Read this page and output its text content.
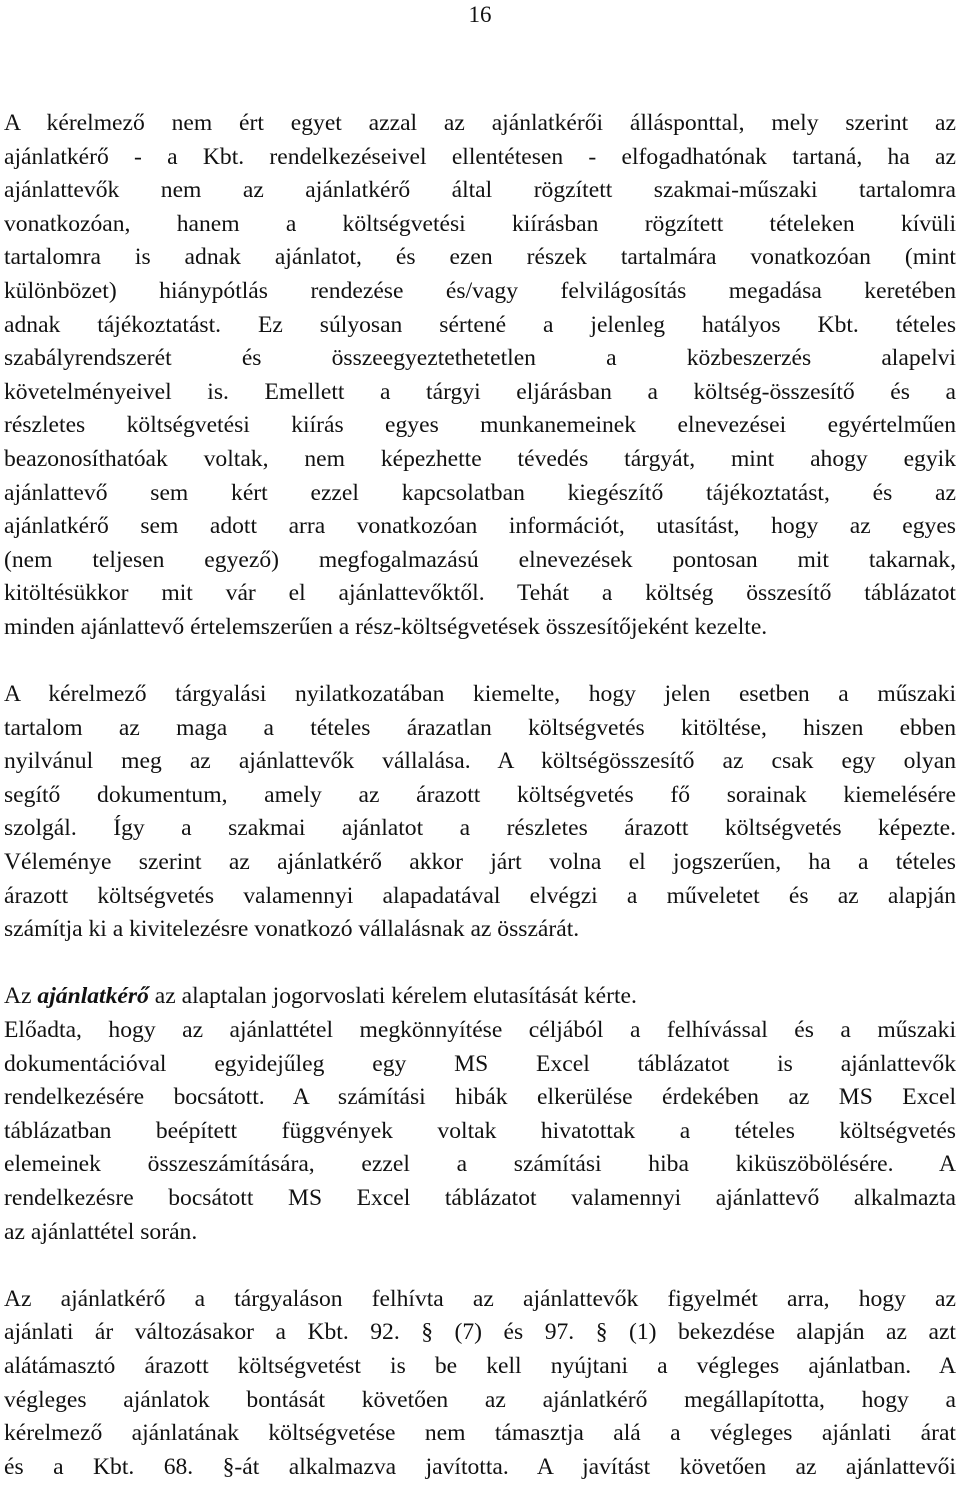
16
A kérelmező nem ért egyet azzal az ajánlatkérői állásponttal, mely szerint az
ajánlatkérő - a Kbt. rendelkezéseivel ellentétesen - elfogadhatónak tartaná, ha az
ajánlattevők nem az ajánlatkérő által rögzített szakmai-műszaki tartalomra
vonatkozóan, hanem a költségvetési kiírásban rögzített tételeken kívüli
tartalomra is adnak ajánlatot, és ezen részek tartalmára vonatkozóan (mint
különbözet) hiánypótlás rendezése és/vagy felvilágosítás megadása keretében
adnak tájékoztatást. Ez súlyosan sértené a jelenleg hatályos Kbt. tételes
szabályrendszerét és összeegyeztethetetlen a közbeszerzés alapelvi
követelményeivel is. Emellett a tárgyi eljárásban a költség-összesítő és a
részletes költségvetési kiírás egyes munkanemeinek elnevezései egyértelműen
beazonosíthatóak voltak, nem képezhette tévedés tárgyát, mint ahogy egyik
ajánlattevő sem kért ezzel kapcsolatban kiegészítő tájékoztatást, és az
ajánlatkérő sem adott arra vonatkozóan információt, utasítást, hogy az egyes
(nem teljesen egyező) megfogalmazású elnevezések pontosan mit takarnak,
kitöltésükkor mit vár el ajánlattevőktől. Tehát a költség összesítő táblázatot
minden ajánlattevő értelemszerűen a rész-költségvetések összesítőjeként kezelte.
A kérelmező tárgyalási nyilatkozatában kiemelte, hogy jelen esetben a műszaki
tartalom az maga a tételes árazatlan költségvetés kitöltése, hiszen ebben
nyilvánul meg az ajánlattevők vállalása. A költségösszesítő az csak egy olyan
segítő dokumentum, amely az árazott költségvetés fő sorainak kiemelésére
szolgál. Így a szakmai ajánlatot a részletes árazott költségvetés képezte.
Véleménye szerint az ajánlatkérő akkor járt volna el jogszerűen, ha a tételes
árazott költségvetés valamennyi alapadatával elvégzi a műveletet és az alapján
számítja ki a kivitelezésre vonatkozó vállalásnak az összárát.
Az ajánlatkérő az alaptalan jogorvoslati kérelem elutasítását kérte.
Előadta, hogy az ajánlattétel megkönnyítése céljából a felhívással és a műszaki
dokumentációval egyidejűleg egy MS Excel táblázatot is ajánlattevők
rendelkezésére bocsátott. A számítási hibák elkerülése érdekében az MS Excel
táblázatban beépített függvények voltak hivatottak a tételes költségvetés
elemeinek összeszámítására, ezzel a számítási hiba kiküszöbölésére. A
rendelkezésre bocsátott MS Excel táblázatot valamennyi ajánlattevő alkalmazta
az ajánlattétel során.
Az ajánlatkérő a tárgyaláson felhívta az ajánlattevők figyelmét arra, hogy az
ajánlati ár változásakor a Kbt. 92. § (7) és 97. § (1) bekezdése alapján az azt
alátámasztó árazott költségvetést is be kell nyújtani a végleges ajánlatban. A
végleges ajánlatok bontását követően az ajánlatkérő megállapította, hogy a
kérelmező ajánlatának költségvetése nem támasztja alá a végleges ajánlati árat
és a Kbt. 68. §-át alkalmazva javította. A javítást követően az ajánlattevői
